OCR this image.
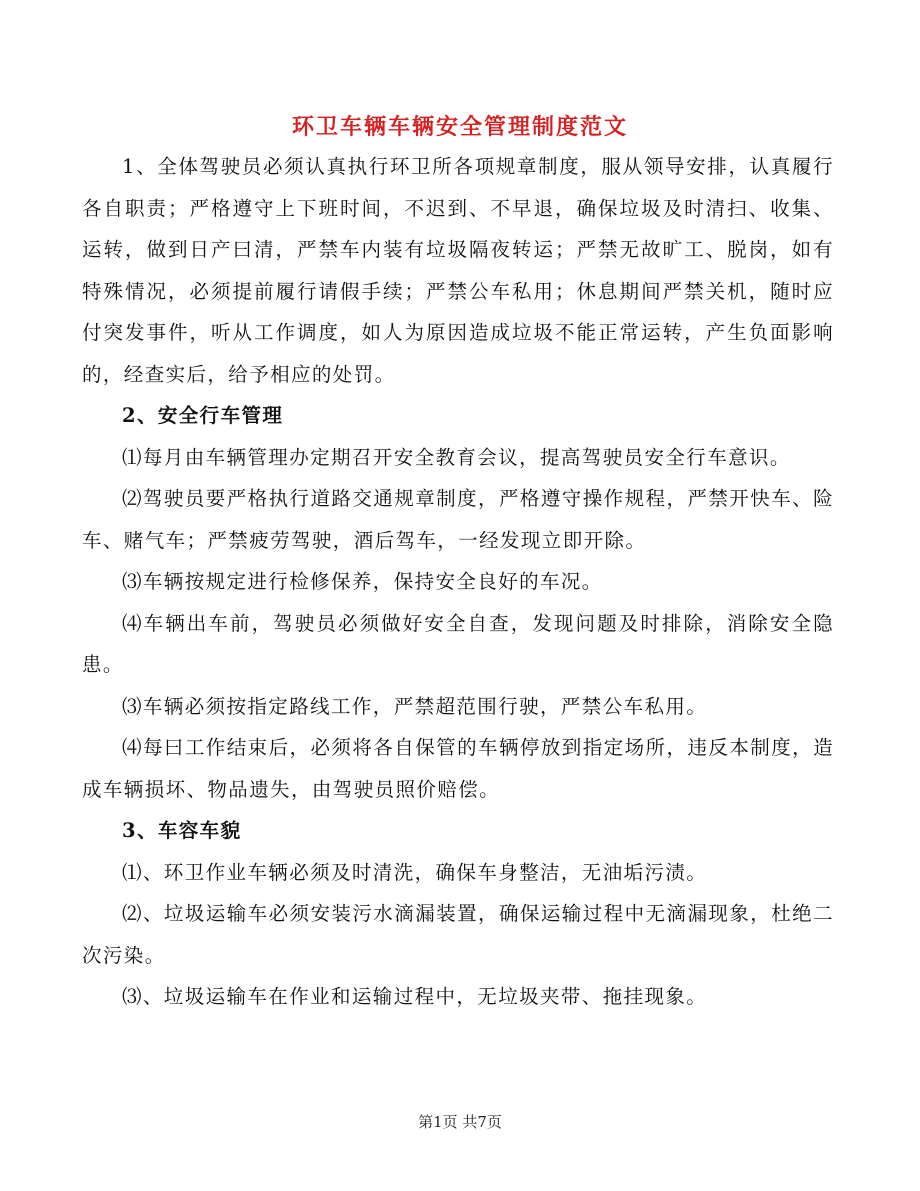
环卫车辆车辆安全管理制度范文

1、全体驾驶员必须认真执行环卫所各项规章制度，服从领导安排，认真履行各自职责；严格遵守上下班时间，不迟到、不早退，确保垃圾及时清扫、收集、运转，做到日产曰清，严禁车内装有垃圾隔夜转运；严禁无故旷工、脱岗，如有特殊情况，必须提前履行请假手续；严禁公车私用；休息期间严禁关机，随时应付突发事件，听从工作调度，如人为原因造成垃圾不能正常运转，产生负面影响的，经查实后，给予相应的处罚。

2、安全行车管理

⑴每月由车辆管理办定期召开安全教育会议，提高驾驶员安全行车意识。

⑵驾驶员要严格执行道路交通规章制度，严格遵守操作规程，严禁开快车、险车、赌气车；严禁疲劳驾驶，酒后驾车，一经发现立即开除。

⑶车辆按规定进行检修保养，保持安全良好的车况。

⑷车辆出车前，驾驶员必须做好安全自查，发现问题及时排除，消除安全隐患。

⑶车辆必须按指定路线工作，严禁超范围行驶，严禁公车私用。

⑷每曰工作结束后，必须将各自保管的车辆停放到指定场所，违反本制度，造成车辆损坏、物品遗失，由驾驶员照价赔偿。

3、车容车貌

⑴、环卫作业车辆必须及时清洗，确保车身整洁，无油垢污渍。

⑵、垃圾运输车必须安装污水滴漏装置，确保运输过程中无滴漏现象，杜绝二次污染。

⑶、垃圾运输车在作业和运输过程中，无垃圾夹带、拖挂现象。

第1页 共7页
